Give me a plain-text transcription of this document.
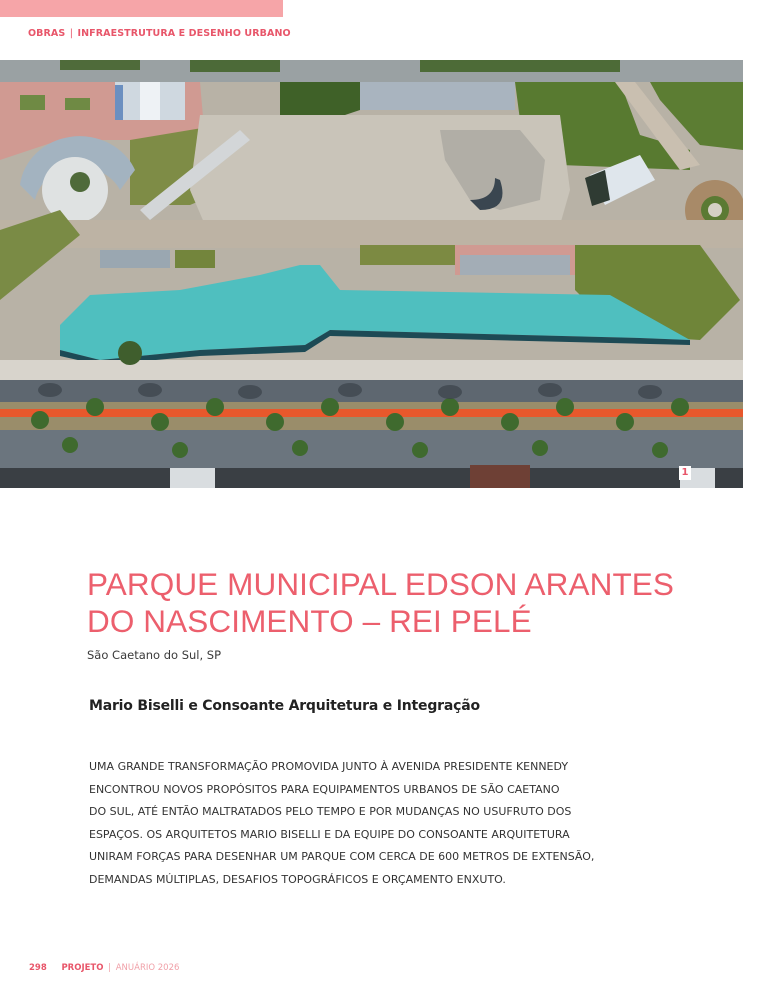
OBRAS | INFRAESTRUTURA E DESENHO URBANO
1
PARQUE MUNICIPAL EDSON ARANTES
DO NASCIMENTO – REI PELÉ
São Caetano do Sul, SP
Mario Biselli e Consoante Arquitetura e Integração
UMA GRANDE TRANSFORMAÇÃO PROMOVIDA JUNTO À AVENIDA PRESIDENTE KENNEDY
ENCONTROU NOVOS PROPÓSITOS PARA EQUIPAMENTOS URBANOS DE SÃO CAETANO
DO SUL, ATÉ ENTÃO MALTRATADOS PELO TEMPO E POR MUDANÇAS NO USUFRUTO DOS
ESPAÇOS. OS ARQUITETOS MARIO BISELLI E DA EQUIPE DO CONSOANTE ARQUITETURA
UNIRAM FORÇAS PARA DESENHAR UM PARQUE COM CERCA DE 600 METROS DE EXTENSÃO,
DEMANDAS MÚLTIPLAS, DESAFIOS TOPOGRÁFICOS E ORÇAMENTO ENXUTO.
298 PROJETO | ANUÁRIO 2026
